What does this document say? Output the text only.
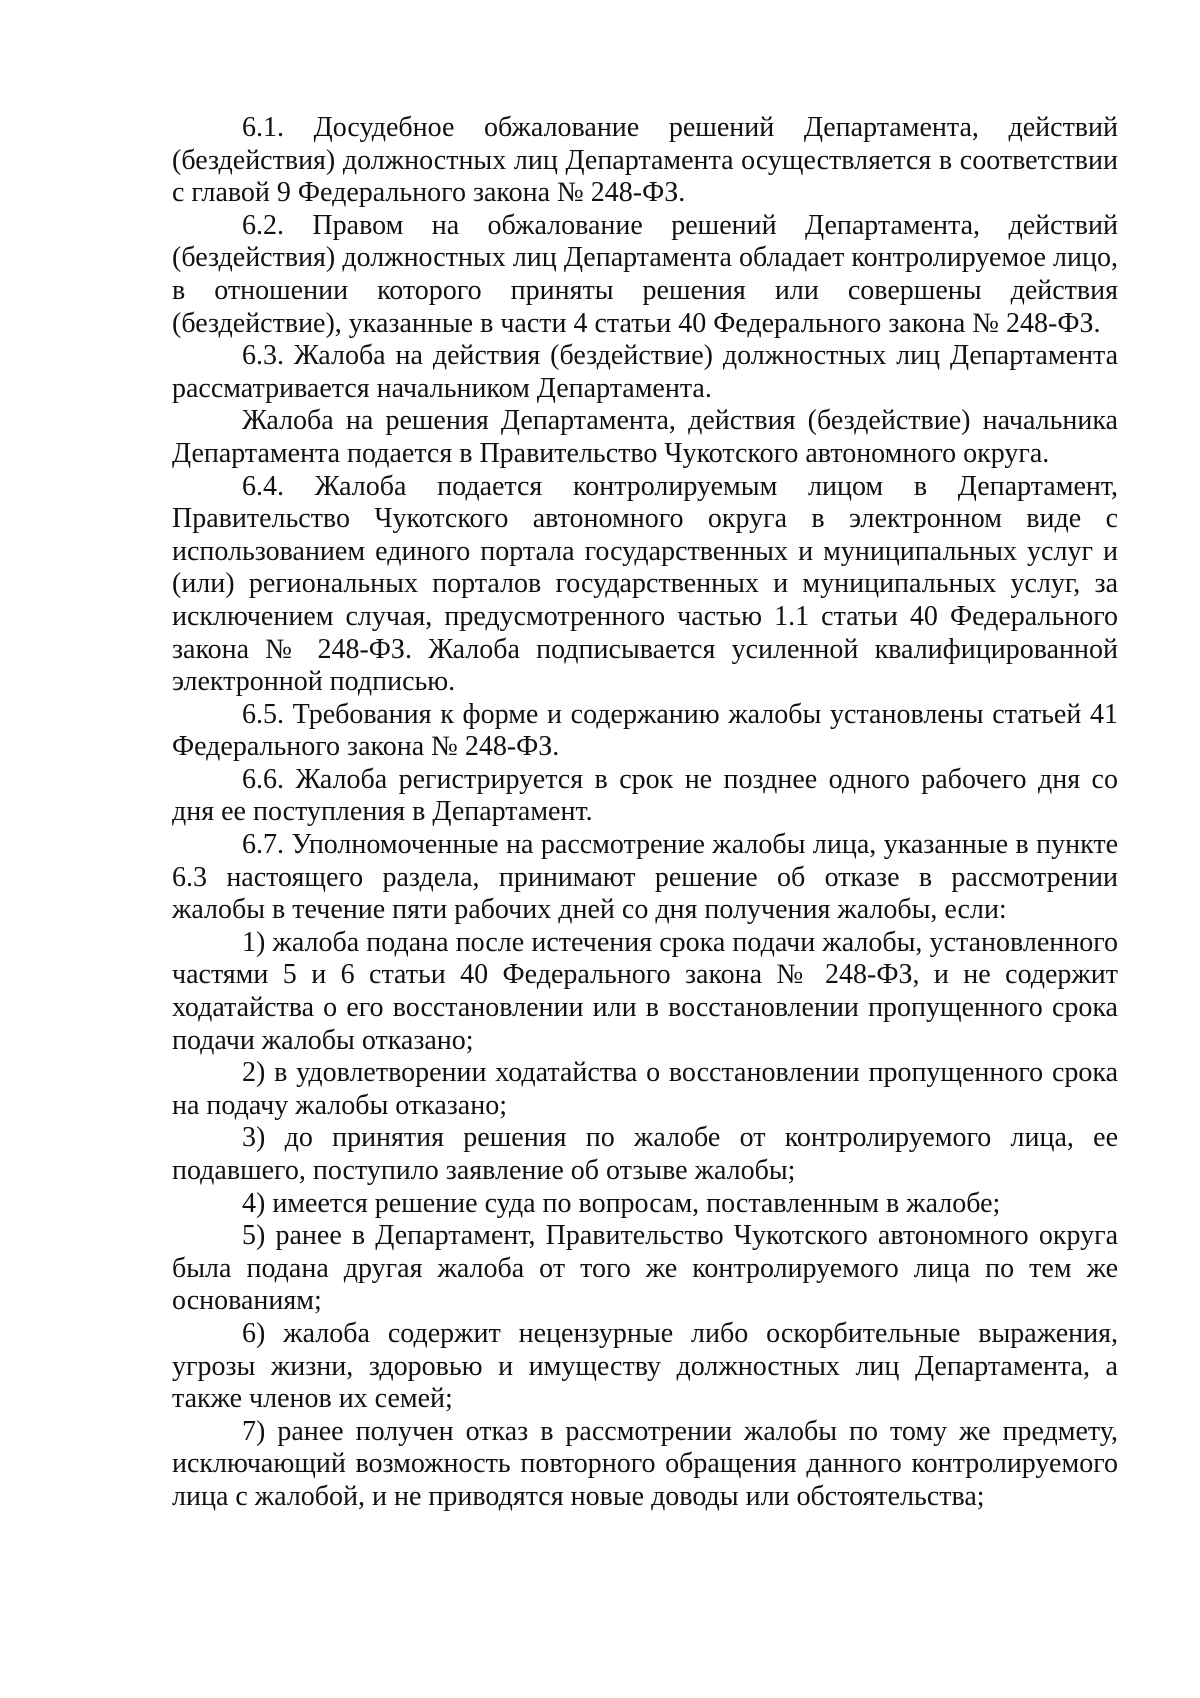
6.1. Досудебное обжалование решений Департамента, действий (бездействия) должностных лиц Департамента осуществляется в соответствии с главой 9 Федерального закона № 248-ФЗ.

6.2. Правом на обжалование решений Департамента, действий (бездействия) должностных лиц Департамента обладает контролируемое лицо, в отношении которого приняты решения или совершены действия (бездействие), указанные в части 4 статьи 40 Федерального закона № 248-ФЗ.

6.3. Жалоба на действия (бездействие) должностных лиц Департамента рассматривается начальником Департамента.

Жалоба на решения Департамента, действия (бездействие) начальника Департамента подается в Правительство Чукотского автономного округа.

6.4. Жалоба подается контролируемым лицом в Департамент, Правительство Чукотского автономного округа в электронном виде с использованием единого портала государственных и муниципальных услуг и (или) региональных порталов государственных и муниципальных услуг, за исключением случая, предусмотренного частью 1.1 статьи 40 Федерального закона № 248-ФЗ. Жалоба подписывается усиленной квалифицированной электронной подписью.

6.5. Требования к форме и содержанию жалобы установлены статьей 41 Федерального закона № 248-ФЗ.

6.6. Жалоба регистрируется в срок не позднее одного рабочего дня со дня ее поступления в Департамент.

6.7. Уполномоченные на рассмотрение жалобы лица, указанные в пункте 6.3 настоящего раздела, принимают решение об отказе в рассмотрении жалобы в течение пяти рабочих дней со дня получения жалобы, если:

1) жалоба подана после истечения срока подачи жалобы, установленного частями 5 и 6 статьи 40 Федерального закона № 248-ФЗ, и не содержит ходатайства о его восстановлении или в восстановлении пропущенного срока подачи жалобы отказано;

2) в удовлетворении ходатайства о восстановлении пропущенного срока на подачу жалобы отказано;

3) до принятия решения по жалобе от контролируемого лица, ее подавшего, поступило заявление об отзыве жалобы;

4) имеется решение суда по вопросам, поставленным в жалобе;

5) ранее в Департамент, Правительство Чукотского автономного округа была подана другая жалоба от того же контролируемого лица по тем же основаниям;

6) жалоба содержит нецензурные либо оскорбительные выражения, угрозы жизни, здоровью и имуществу должностных лиц Департамента, а также членов их семей;

7) ранее получен отказ в рассмотрении жалобы по тому же предмету, исключающий возможность повторного обращения данного контролируемого лица с жалобой, и не приводятся новые доводы или обстоятельства;
